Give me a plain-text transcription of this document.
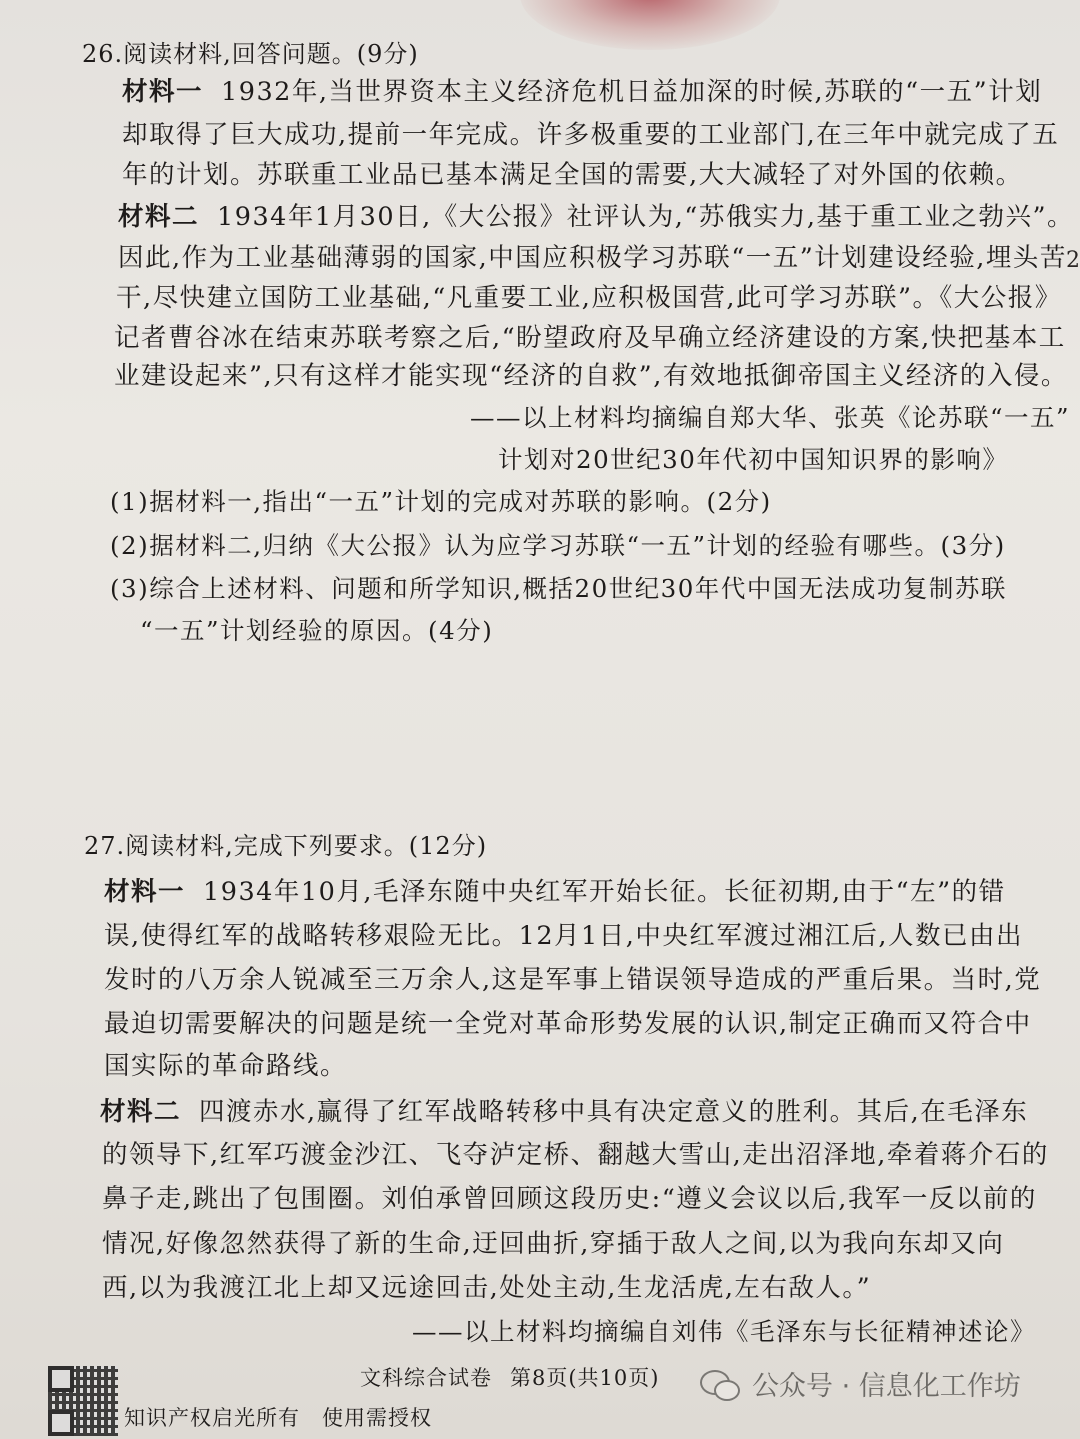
2

26.阅读材料,回答问题。(9分)
材料一 1932年,当世界资本主义经济危机日益加深的时候,苏联的“一五”计划
却取得了巨大成功,提前一年完成。许多极重要的工业部门,在三年中就完成了五
年的计划。苏联重工业品已基本满足全国的需要,大大减轻了对外国的依赖。
材料二 1934年1月30日,《大公报》社评认为,“苏俄实力,基于重工业之勃兴”。
因此,作为工业基础薄弱的国家,中国应积极学习苏联“一五”计划建设经验,埋头苦
干,尽快建立国防工业基础,“凡重要工业,应积极国营,此可学习苏联”。《大公报》
记者曹谷冰在结束苏联考察之后,“盼望政府及早确立经济建设的方案,快把基本工
业建设起来”,只有这样才能实现“经济的自救”,有效地抵御帝国主义经济的入侵。
——以上材料均摘编自郑大华、张英《论苏联“一五”
计划对20世纪30年代初中国知识界的影响》
(1)据材料一,指出“一五”计划的完成对苏联的影响。(2分)
(2)据材料二,归纳《大公报》认为应学习苏联“一五”计划的经验有哪些。(3分)
(3)综合上述材料、问题和所学知识,概括20世纪30年代中国无法成功复制苏联
“一五”计划经验的原因。(4分)
27.阅读材料,完成下列要求。(12分)
材料一 1934年10月,毛泽东随中央红军开始长征。长征初期,由于“左”的错
误,使得红军的战略转移艰险无比。12月1日,中央红军渡过湘江后,人数已由出
发时的八万余人锐减至三万余人,这是军事上错误领导造成的严重后果。当时,党
最迫切需要解决的问题是统一全党对革命形势发展的认识,制定正确而又符合中
国实际的革命路线。
材料二 四渡赤水,赢得了红军战略转移中具有决定意义的胜利。其后,在毛泽东
的领导下,红军巧渡金沙江、飞夺泸定桥、翻越大雪山,走出沼泽地,牵着蒋介石的
鼻子走,跳出了包围圈。刘伯承曾回顾这段历史:“遵义会议以后,我军一反以前的
情况,好像忽然获得了新的生命,迂回曲折,穿插于敌人之间,以为我向东却又向
西,以为我渡江北上却又远途回击,处处主动,生龙活虎,左右敌人。”
——以上材料均摘编自刘伟《毛泽东与长征精神述论》
文科综合试卷 第8页(共10页)	公众号 · 信息化工作坊
知识产权启光所有 使用需授权
